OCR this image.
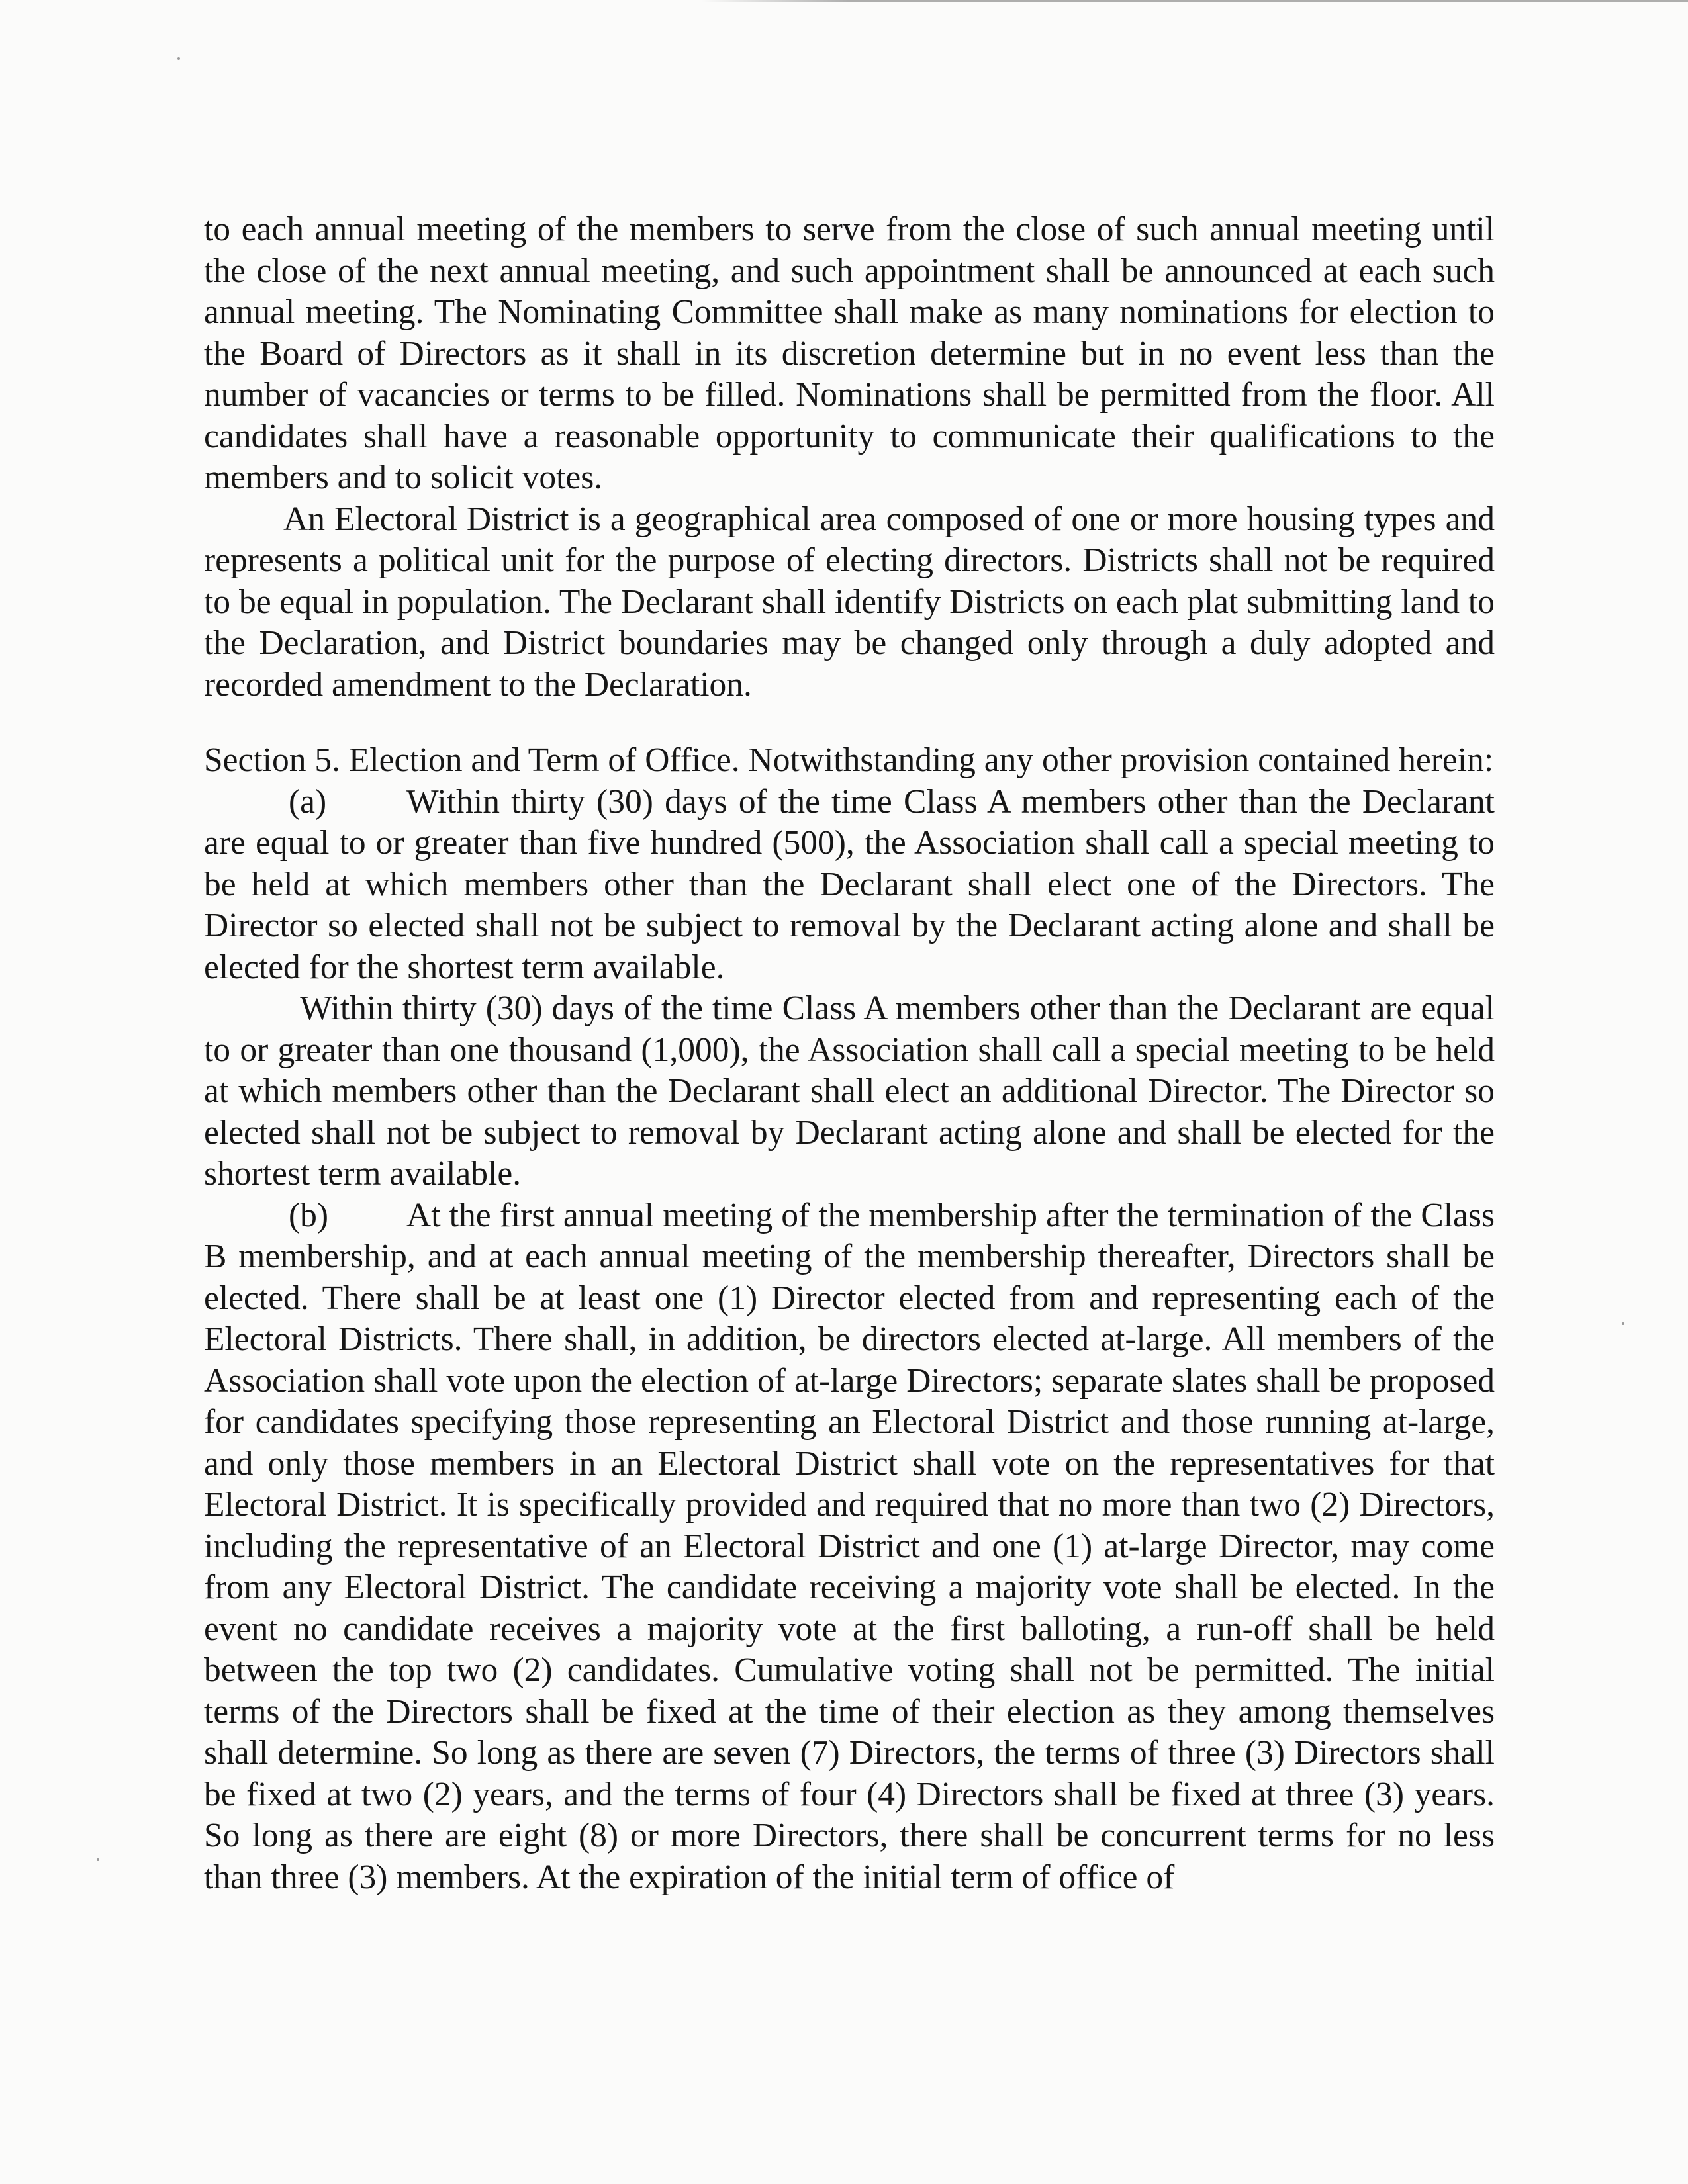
to each annual meeting of the members to serve from the close of such annual meeting until the close of the next annual meeting, and such appointment shall be announced at each such annual meeting. The Nominating Committee shall make as many nominations for election to the Board of Directors as it shall in its discretion determine but in no event less than the number of vacancies or terms to be filled. Nominations shall be permitted from the floor. All candidates shall have a reasonable opportunity to communicate their qualifications to the members and to solicit votes.

An Electoral District is a geographical area composed of one or more housing types and represents a political unit for the purpose of electing directors. Districts shall not be required to be equal in population. The Declarant shall identify Districts on each plat submitting land to the Declaration, and District boundaries may be changed only through a duly adopted and recorded amendment to the Declaration.

Section 5. Election and Term of Office. Notwithstanding any other provision contained herein:

(a) Within thirty (30) days of the time Class A members other than the Declarant are equal to or greater than five hundred (500), the Association shall call a special meeting to be held at which members other than the Declarant shall elect one of the Directors. The Director so elected shall not be subject to removal by the Declarant acting alone and shall be elected for the shortest term available.

Within thirty (30) days of the time Class A members other than the Declarant are equal to or greater than one thousand (1,000), the Association shall call a special meeting to be held at which members other than the Declarant shall elect an additional Director. The Director so elected shall not be subject to removal by Declarant acting alone and shall be elected for the shortest term available.

(b) At the first annual meeting of the membership after the termination of the Class B membership, and at each annual meeting of the membership thereafter, Directors shall be elected. There shall be at least one (1) Director elected from and representing each of the Electoral Districts. There shall, in addition, be directors elected at-large. All members of the Association shall vote upon the election of at-large Directors; separate slates shall be proposed for candidates specifying those representing an Electoral District and those running at-large, and only those members in an Electoral District shall vote on the representatives for that Electoral District. It is specifically provided and required that no more than two (2) Directors, including the representative of an Electoral District and one (1) at-large Director, may come from any Electoral District. The candidate receiving a majority vote shall be elected. In the event no candidate receives a majority vote at the first balloting, a run-off shall be held between the top two (2) candidates. Cumulative voting shall not be permitted. The initial terms of the Directors shall be fixed at the time of their election as they among themselves shall determine. So long as there are seven (7) Directors, the terms of three (3) Directors shall be fixed at two (2) years, and the terms of four (4) Directors shall be fixed at three (3) years. So long as there are eight (8) or more Directors, there shall be concurrent terms for no less than three (3) members. At the expiration of the initial term of office of
